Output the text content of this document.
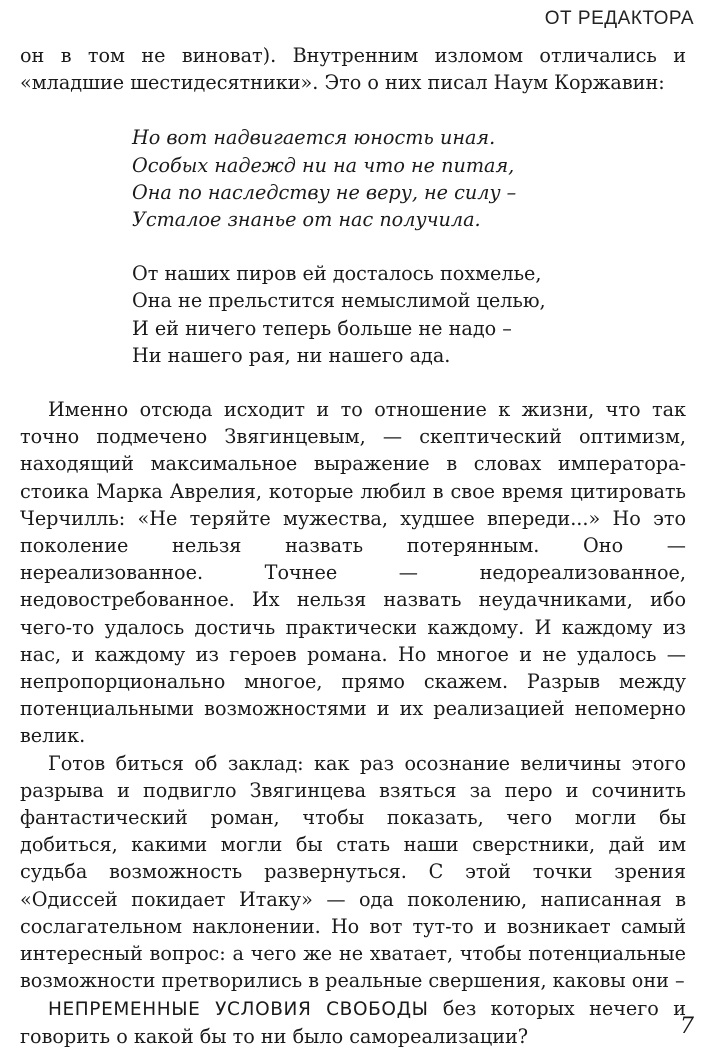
ОТ РЕДАКТОРА

он в том не виноват). Внутренним изломом отличались и «младшие шестидесятники». Это о них писал Наум Коржавин:

Но вот надвигается юность иная.
Особых надежд ни на что не питая,
Она по наследству не веру, не силу –
Усталое знанье от нас получила.
От наших пиров ей досталось похмелье,
Она не прельстится немыслимой целью,
И ей ничего теперь больше не надо –
Ни нашего рая, ни нашего ада.

Именно отсюда исходит и то отношение к жизни, что так точно подмечено Звягинцевым, — скептический оптимизм, находящий максимальное выражение в словах императора-стоика Марка Аврелия, которые любил в свое время цитировать Черчилль: «Не теряйте мужества, худшее впереди...» Но это поколение нельзя назвать потерянным. Оно — нереализованное. Точнее — недореализованное, недовостребованное. Их нельзя назвать неудачниками, ибо чего-то удалось достичь практически каждому. И каждому из нас, и каждому из героев романа. Но многое и не удалось — непропорционально многое, прямо скажем. Разрыв между потенциальными возможностями и их реализацией непомерно велик.

Готов биться об заклад: как раз осознание величины этого разрыва и подвигло Звягинцева взяться за перо и сочинить фантастический роман, чтобы показать, чего могли бы добиться, какими могли бы стать наши сверстники, дай им судьба возможность развернуться. С этой точки зрения «Одиссей покидает Итаку» — ода поколению, написанная в сослагательном наклонении. Но вот тут-то и возникает самый интересный вопрос: а чего же не хватает, чтобы потенциальные возможности претворились в реальные свершения, каковы они –

НЕПРЕМЕННЫЕ УСЛОВИЯ СВОБОДЫ без которых нечего и говорить о какой бы то ни было самореализации?	7
